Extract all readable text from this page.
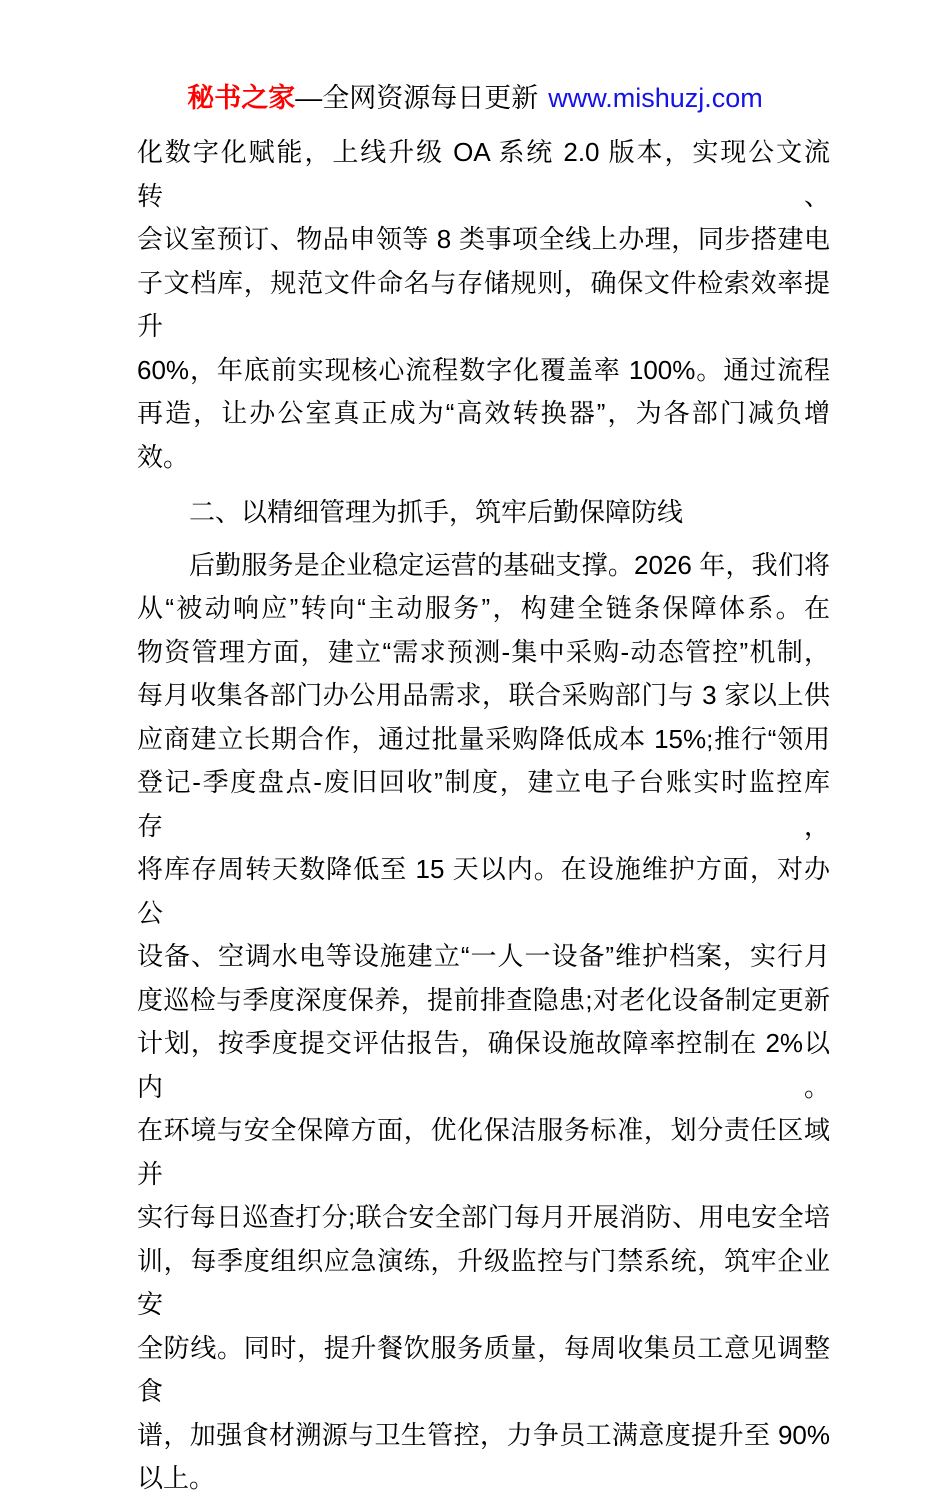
秘书之家—全网资源每日更新 www.mishuzj.com
化数字化赋能，上线升级 OA 系统 2.0 版本，实现公文流转、
会议室预订、物品申领等 8 类事项全线上办理，同步搭建电
子文档库，规范文件命名与存储规则，确保文件检索效率提升
60%，年底前实现核心流程数字化覆盖率 100%。通过流程
再造，让办公室真正成为“高效转换器”，为各部门减负增效。
二、以精细管理为抓手，筑牢后勤保障防线
后勤服务是企业稳定运营的基础支撑。2026 年，我们将
从“被动响应”转向“主动服务”，构建全链条保障体系。在
物资管理方面，建立“需求预测-集中采购-动态管控”机制，
每月收集各部门办公用品需求，联合采购部门与 3 家以上供
应商建立长期合作，通过批量采购降低成本 15%;推行“领用
登记-季度盘点-废旧回收”制度，建立电子台账实时监控库存，
将库存周转天数降低至 15 天以内。在设施维护方面，对办公
设备、空调水电等设施建立“一人一设备”维护档案，实行月
度巡检与季度深度保养，提前排查隐患;对老化设备制定更新
计划，按季度提交评估报告，确保设施故障率控制在 2%以内。
在环境与安全保障方面，优化保洁服务标准，划分责任区域并
实行每日巡查打分;联合安全部门每月开展消防、用电安全培
训，每季度组织应急演练，升级监控与门禁系统，筑牢企业安
全防线。同时，提升餐饮服务质量，每周收集员工意见调整食
谱，加强食材溯源与卫生管控，力争员工满意度提升至 90%
以上。
